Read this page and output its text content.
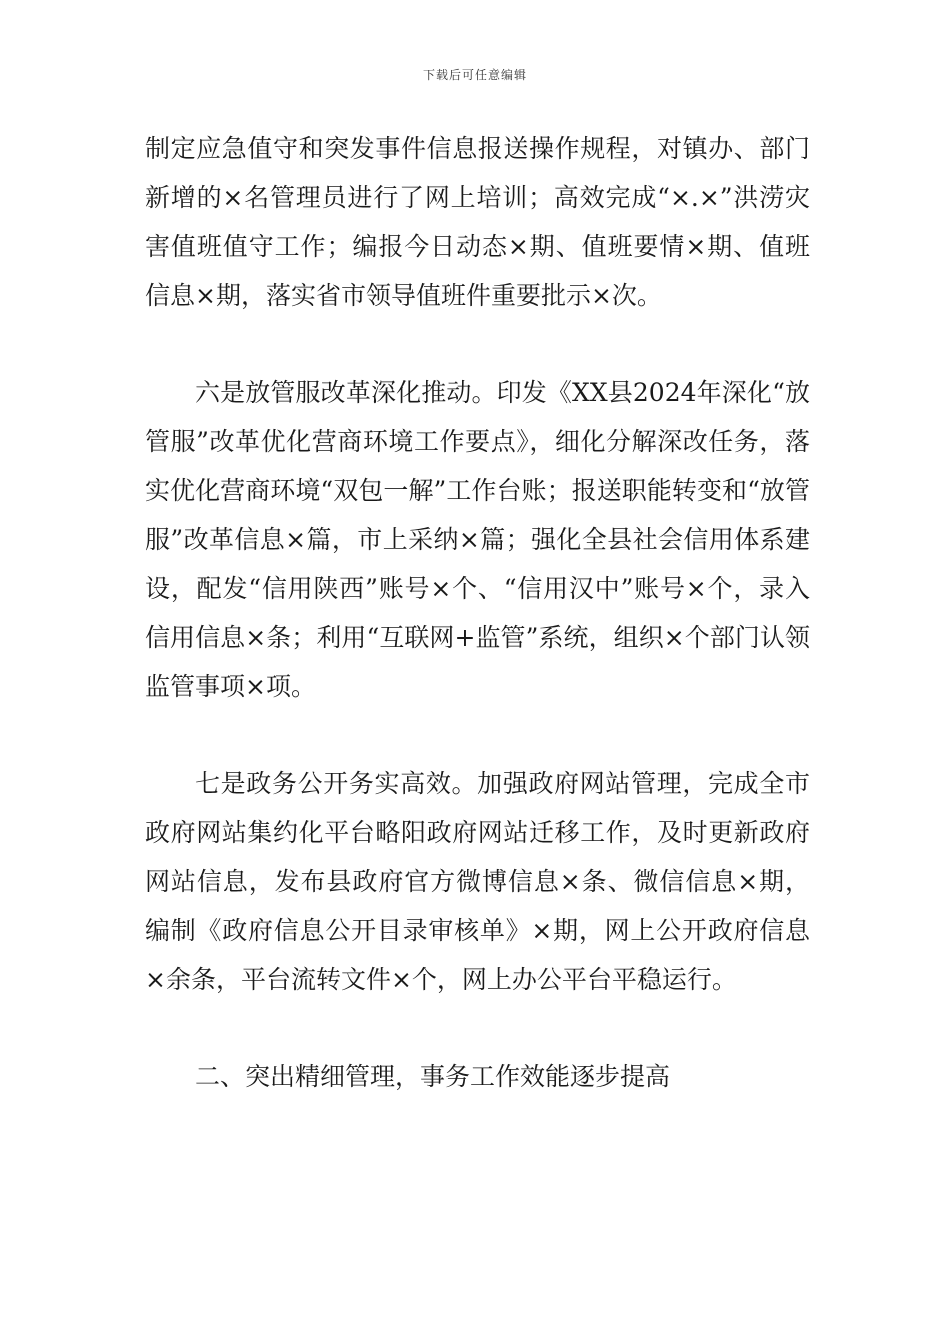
下载后可任意编辑

制定应急值守和突发事件信息报送操作规程，对镇办、部门新增的×名管理员进行了网上培训；高效完成“×.×”洪涝灾害值班值守工作；编报今日动态×期、值班要情×期、值班信息×期，落实省市领导值班件重要批示×次。

六是放管服改革深化推动。印发《XX县2024年深化“放管服”改革优化营商环境工作要点》，细化分解深改任务，落实优化营商环境“双包一解”工作台账；报送职能转变和“放管服”改革信息×篇，市上采纳×篇；强化全县社会信用体系建设，配发“信用陕西”账号×个、“信用汉中”账号×个，录入信用信息×条；利用“互联网+监管”系统，组织×个部门认领监管事项×项。

七是政务公开务实高效。加强政府网站管理，完成全市政府网站集约化平台略阳政府网站迁移工作，及时更新政府网站信息，发布县政府官方微博信息×条、微信信息×期，编制《政府信息公开目录审核单》×期，网上公开政府信息×余条，平台流转文件×个，网上办公平台平稳运行。

二、突出精细管理，事务工作效能逐步提高
